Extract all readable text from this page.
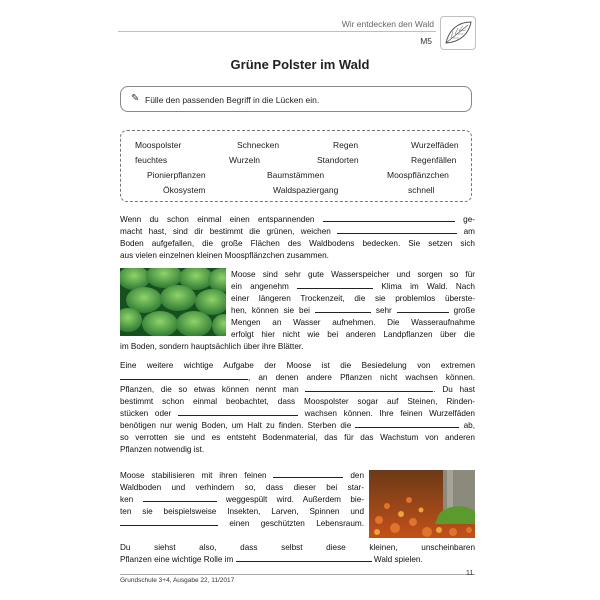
Wir entdecken den Wald
M5
Grüne Polster im Wald
✎ Fülle den passenden Begriff in die Lücken ein.
Moospolster	Schnecken	Regen	Wurzelfäden
feuchtes	Wurzeln	Standorten	Regenfällen
Pionierpflanzen	Baumstämmen	Moospflänzchen
Ökosystem	Waldspaziergang	schnell
Wenn du schon einmal einen entspannenden	ge-
macht hast, sind dir bestimmt die grünen, weichen	am
Boden aufgefallen, die große Flächen des Waldbodens bedecken. Sie setzen sich
aus vielen einzelnen kleinen Moospflänzchen zusammen.
Moose sind sehr gute Wasserspeicher und sorgen so für
ein angenehm	Klima im Wald. Nach
einer längeren Trockenzeit, die sie problemlos überste-
hen, können sie bei	sehr	große
Mengen an Wasser aufnehmen. Die Wasseraufnahme
erfolgt hier nicht wie bei anderen Landpflanzen über die
im Boden, sondern hauptsächlich über ihre Blätter.
Eine weitere wichtige Aufgabe der Moose ist die Besiedelung von extremen
, an denen andere Pflanzen nicht wachsen können.
Pflanzen, die so etwas können nennt man	. Du hast
bestimmt schon einmal beobachtet, dass Moospolster sogar auf Steinen, Rinden-
stücken oder	wachsen können. Ihre feinen Wurzelfäden
benötigen nur wenig Boden, um Halt zu finden. Sterben die	ab,
so verrotten sie und es entsteht Bodenmaterial, das für das Wachstum von anderen
Pflanzen notwendig ist.
Moose stabilisieren mit ihren feinen	den
Waldboden und verhindern so, dass dieser bei star-
ken	weggespült wird. Außerdem bie-
ten sie beispielsweise Insekten, Larven, Spinnen und
einen geschützten Lebensraum.
Du siehst also, dass selbst diese kleinen, unscheinbaren
Pflanzen eine wichtige Rolle im	Wald spielen.
11
Grundschule 3+4, Ausgabe 22, 11/2017
